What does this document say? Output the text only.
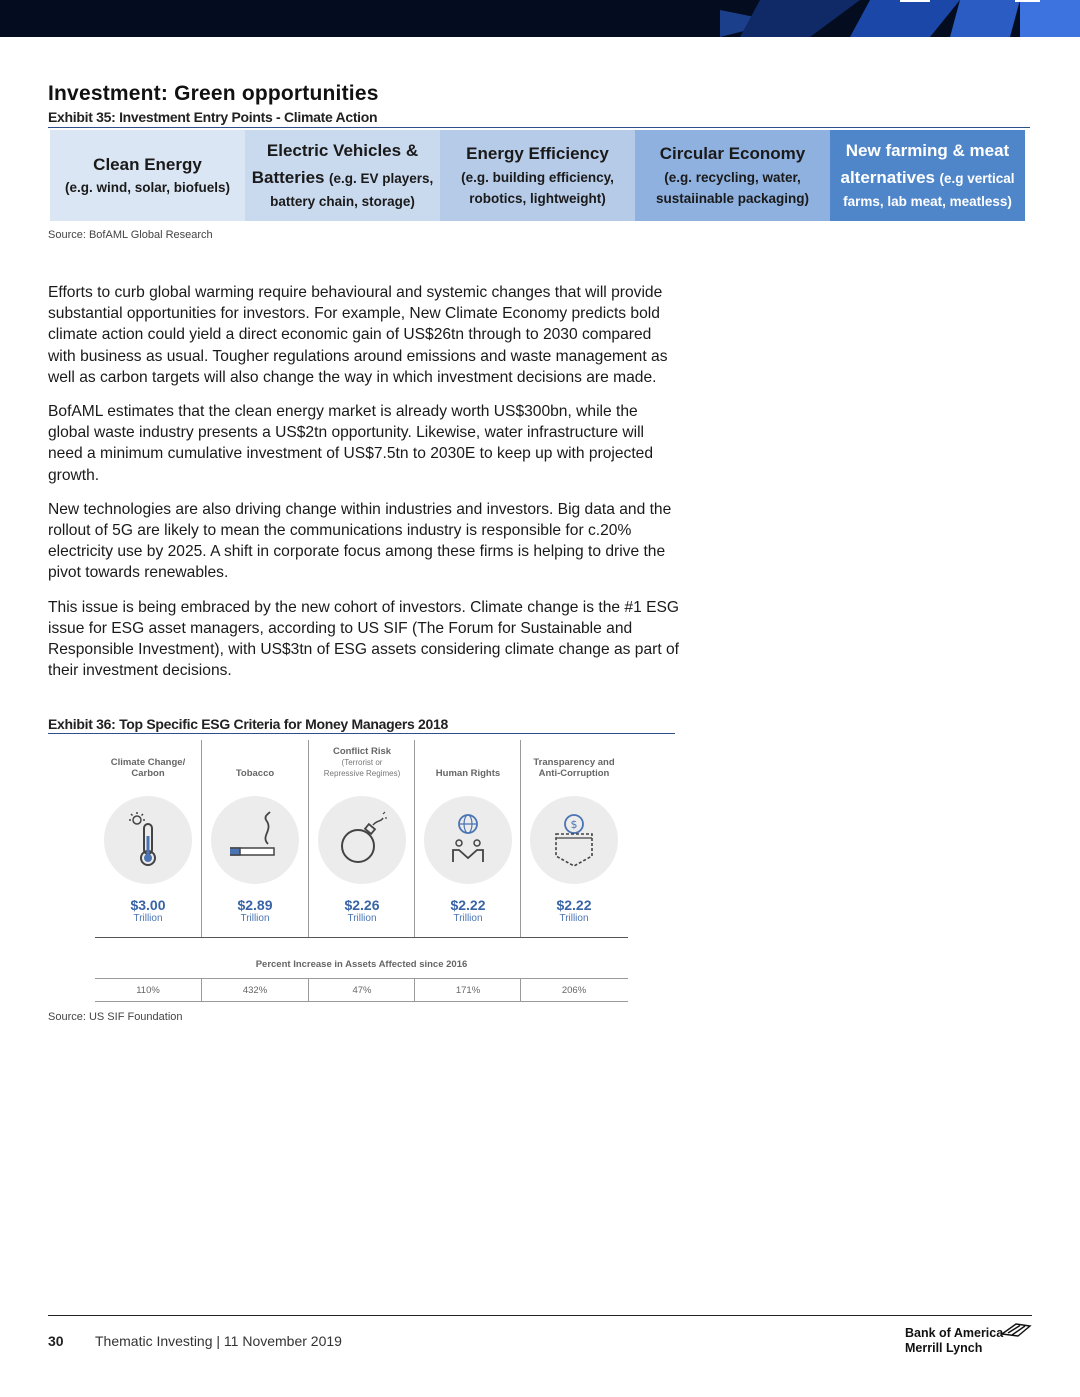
Investment: Green opportunities
Exhibit 35: Investment Entry Points - Climate Action
Clean Energy
(e.g. wind, solar, biofuels)
Electric Vehicles &
Batteries (e.g. EV players,
battery chain, storage)
Energy Efficiency
(e.g. building efficiency,
robotics, lightweight)
Circular Economy
(e.g. recycling, water,
sustaiinable packaging)
New farming & meat
alternatives (e.g vertical
farms, lab meat, meatless)
Source: BofAML Global Research

Efforts to curb global warming require behavioural and systemic changes that will provide substantial opportunities for investors. For example, New Climate Economy predicts bold climate action could yield a direct economic gain of US$26tn through to 2030 compared with business as usual. Tougher regulations around emissions and waste management as well as carbon targets will also change the way in which investment decisions are made.

BofAML estimates that the clean energy market is already worth US$300bn, while the global waste industry presents a US$2tn opportunity. Likewise, water infrastructure will need a minimum cumulative investment of US$7.5tn to 2030E to keep up with projected growth.

New technologies are also driving change within industries and investors. Big data and the rollout of 5G are likely to mean the communications industry is responsible for c.20% electricity use by 2025. A shift in corporate focus among these firms is helping to drive the pivot towards renewables.

This issue is being embraced by the new cohort of investors. Climate change is the #1 ESG issue for ESG asset managers, according to US SIF (The Forum for Sustainable and Responsible Investment), with US$3tn of ESG assets considering climate change as part of their investment decisions.

Exhibit 36: Top Specific ESG Criteria for Money Managers 2018
Climate Change/
Carbon
$3.00
Trillion
Tobacco
$2.89
Trillion
Conflict Risk
(Terrorist or
Repressive Regimes)
$2.26
Trillion
Human Rights
$2.22
Trillion
Transparency and
Anti-Corruption
$
$2.22
Trillion
Percent Increase in Assets Affected since 2016
110%	432%	47%	171%	206%
Source: US SIF Foundation
30 Thematic Investing | 11 November 2019	Bank of America
Merrill Lynch
